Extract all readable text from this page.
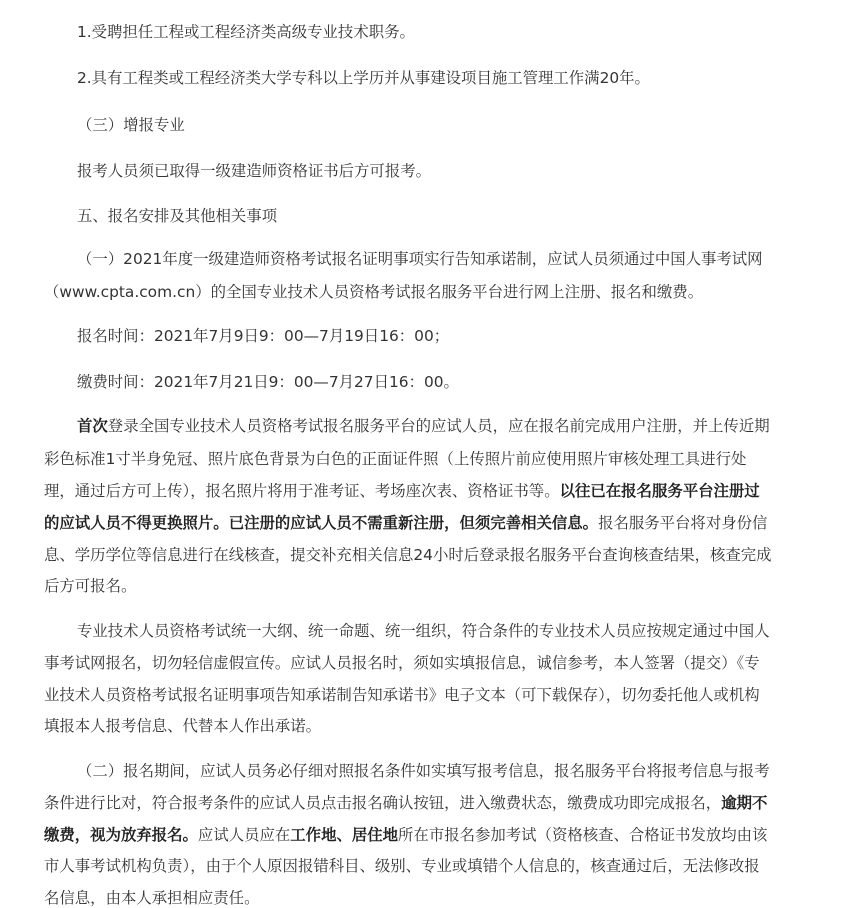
1.受聘担任工程或工程经济类高级专业技术职务。
2.具有工程类或工程经济类大学专科以上学历并从事建设项目施工管理工作满20年。
（三）增报专业
报考人员须已取得一级建造师资格证书后方可报考。
五、报名安排及其他相关事项
（一）2021年度一级建造师资格考试报名证明事项实行告知承诺制，应试人员须通过中国人事考试网
（www.cpta.com.cn）的全国专业技术人员资格考试报名服务平台进行网上注册、报名和缴费。
报名时间：2021年7月9日9：00—7月19日16：00；
缴费时间：2021年7月21日9：00—7月27日16：00。
首次登录全国专业技术人员资格考试报名服务平台的应试人员，应在报名前完成用户注册，并上传近期
彩色标准1寸半身免冠、照片底色背景为白色的正面证件照（上传照片前应使用照片审核处理工具进行处
理，通过后方可上传），报名照片将用于准考证、考场座次表、资格证书等。以往已在报名服务平台注册过
的应试人员不得更换照片。已注册的应试人员不需重新注册，但须完善相关信息。报名服务平台将对身份信
息、学历学位等信息进行在线核查，提交补充相关信息24小时后登录报名服务平台查询核查结果，核查完成
后方可报名。
专业技术人员资格考试统一大纲、统一命题、统一组织，符合条件的专业技术人员应按规定通过中国人
事考试网报名，切勿轻信虚假宣传。应试人员报名时，须如实填报信息，诚信参考，本人签署（提交）《专
业技术人员资格考试报名证明事项告知承诺制告知承诺书》电子文本（可下载保存），切勿委托他人或机构
填报本人报考信息、代替本人作出承诺。
（二）报名期间，应试人员务必仔细对照报名条件如实填写报考信息，报名服务平台将报考信息与报考
条件进行比对，符合报考条件的应试人员点击报名确认按钮，进入缴费状态，缴费成功即完成报名，逾期不
缴费，视为放弃报名。应试人员应在工作地、居住地所在市报名参加考试（资格核查、合格证书发放均由该
市人事考试机构负责），由于个人原因报错科目、级别、专业或填错个人信息的，核查通过后，无法修改报
名信息，由本人承担相应责任。
